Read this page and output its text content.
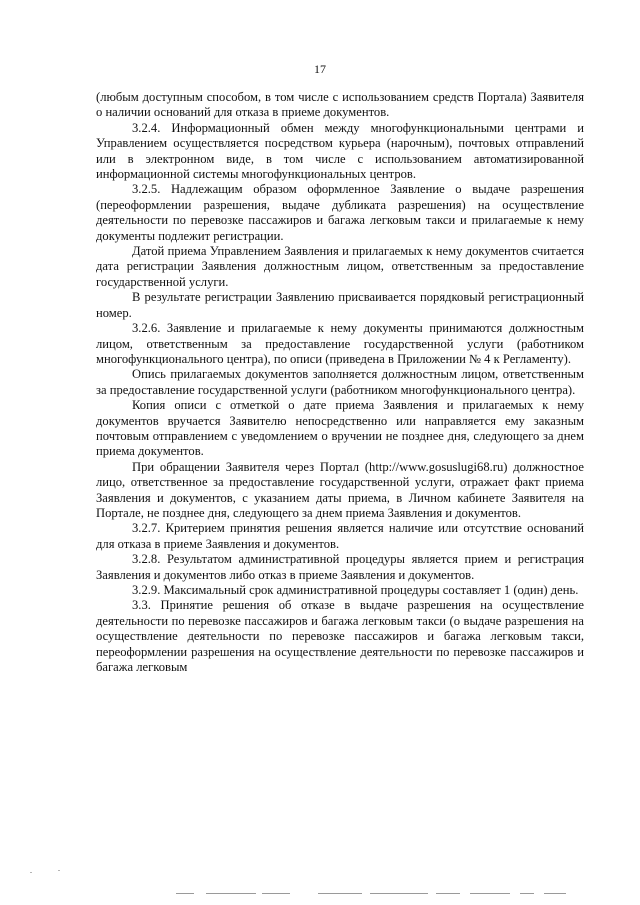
17

(любым доступным способом, в том числе с использованием средств Портала) Заявителя о наличии оснований для отказа в приеме документов.

3.2.4. Информационный обмен между многофункциональными центрами и Управлением осуществляется посредством курьера (нарочным), почтовых отправлений или в электронном виде, в том числе с использованием автоматизированной информационной системы многофункциональных центров.

3.2.5. Надлежащим образом оформленное Заявление о выдаче разрешения (переоформлении разрешения, выдаче дубликата разрешения) на осуществление деятельности по перевозке пассажиров и багажа легковым такси и прилагаемые к нему документы подлежит регистрации.

Датой приема Управлением Заявления и прилагаемых к нему документов считается дата регистрации Заявления должностным лицом, ответственным за предоставление государственной услуги.

В результате регистрации Заявлению присваивается порядковый регистрационный номер.

3.2.6. Заявление и прилагаемые к нему документы принимаются должностным лицом, ответственным за предоставление государственной услуги (работником многофункционального центра), по описи (приведена в Приложении № 4 к Регламенту).

Опись прилагаемых документов заполняется должностным лицом, ответственным за предоставление государственной услуги (работником многофункционального центра).

Копия описи с отметкой о дате приема Заявления и прилагаемых к нему документов вручается Заявителю непосредственно или направляется ему заказным почтовым отправлением с уведомлением о вручении не позднее дня, следующего за днем приема документов.

При обращении Заявителя через Портал (http://www.gosuslugi68.ru) должностное лицо, ответственное за предоставление государственной услуги, отражает факт приема Заявления и документов, с указанием даты приема, в Личном кабинете Заявителя на Портале, не позднее дня, следующего за днем приема Заявления и документов.

3.2.7. Критерием принятия решения является наличие или отсутствие оснований для отказа в приеме Заявления и документов.

3.2.8. Результатом административной процедуры является прием и регистрация Заявления и документов либо отказ в приеме Заявления и документов.

3.2.9. Максимальный срок административной процедуры составляет 1 (один) день.

3.3. Принятие решения об отказе в выдаче разрешения на осуществление деятельности по перевозке пассажиров и багажа легковым такси (о выдаче разрешения на осуществление деятельности по перевозке пассажиров и багажа легковым такси, переоформлении разрешения на осуществление деятельности по перевозке пассажиров и багажа легковым
